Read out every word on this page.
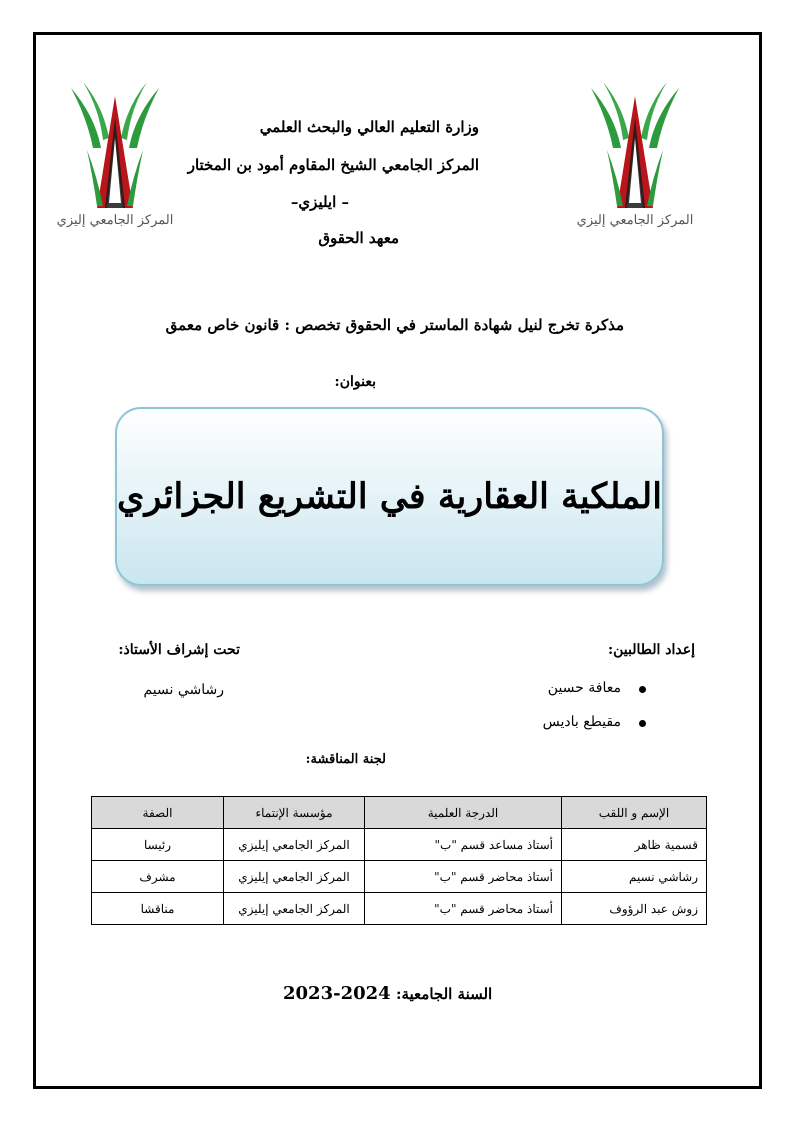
المركز الجامعي إليزي	المركز الجامعي إليزي
وزارة التعليم العالي والبحث العلمي
المركز الجامعي الشيخ المقاوم أمود بن المختار
– ايليزي–
معهد الحقوق
مذكرة تخرج لنيل شهادة الماستر في الحقوق تخصص : قانون خاص معمق
بعنوان:
الملكية العقارية في التشريع الجزائري
إعداد الطالبين:
تحت إشراف الأستاذ:
معافة حسين
مقيطع باديس
رشاشي نسيم
لجنة المناقشة:
الإسم و اللقب	الدرجة العلمية	مؤسسة الإنتماء	الصفة
قسمية ظاهر	أستاذ مساعد قسم "ب"	المركز الجامعي إيليزي	رئيسا
رشاشي نسيم	أستاذ محاضر قسم "ب"	المركز الجامعي إيليزي	مشرف
زوش عبد الرؤوف	أستاذ محاضر قسم "ب"	المركز الجامعي إيليزي	مناقشا
السنة الجامعية: 2024-2023
